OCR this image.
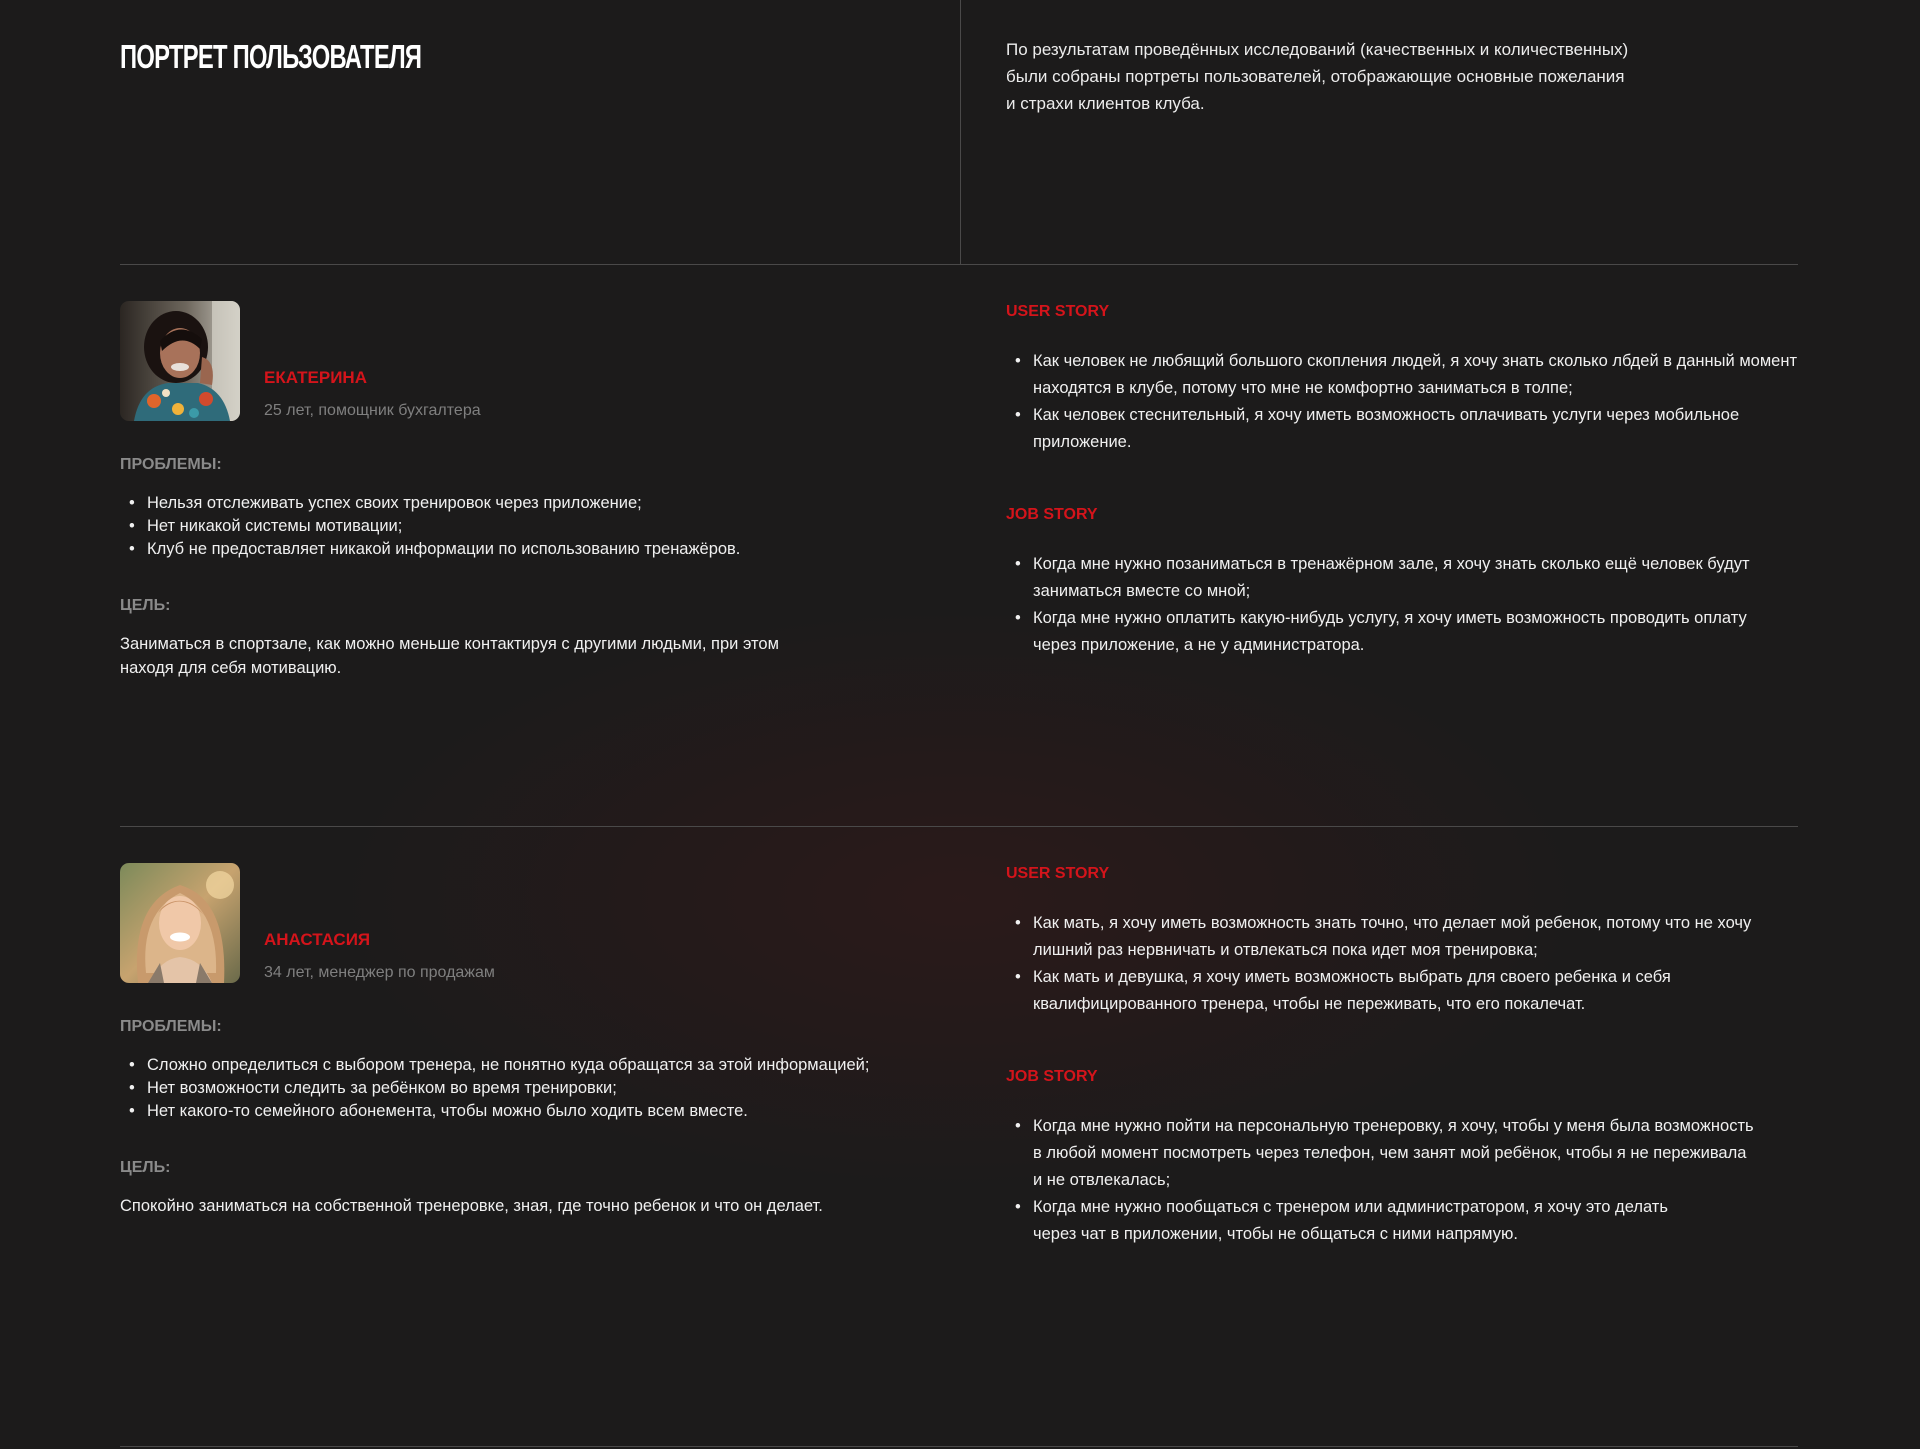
ПОРТРЕТ ПОЛЬЗОВАТЕЛЯ	По результатам проведённых исследований (качественных и количественных)
были собраны портреты пользователей, отображающие основные пожелания
и страхи клиентов клуба.

ЕКАТЕРИНА
25 лет, помощник бухгалтера
ПРОБЛЕМЫ:
• Нельзя отслеживать успех своих тренировок через приложение;
• Нет никакой системы мотивации;
• Клуб не предоставляет никакой информации по использованию тренажёров.
ЦЕЛЬ:

Заниматься в спортзале, как можно меньше контактируя с другими людьми, при этом
находя для себя мотивацию.

USER STORY
• Как человек не любящий большого скопления людей, я хочу знать сколько лбдей в данный момент
находятся в клубе, потому что мне не комфортно заниматься в толпе;
• Как человек стеснительный, я хочу иметь возможность оплачивать услуги через мобильное
приложение.
JOB STORY
• Когда мне нужно позаниматься в тренажёрном зале, я хочу знать сколько ещё человек будут
заниматься вместе со мной;
• Когда мне нужно оплатить какую-нибудь услугу, я хочу иметь возможность проводить оплату
через приложение, а не у администратора.
АНАСТАСИЯ
34 лет, менеджер по продажам
ПРОБЛЕМЫ:
• Сложно определиться с выбором тренера, не понятно куда обращатся за этой информацией;
• Нет возможности следить за ребёнком во время тренировки;
• Нет какого-то семейного абонемента, чтобы можно было ходить всем вместе.
ЦЕЛЬ:

Спокойно заниматься на собственной тренеровке, зная, где точно ребенок и что он делает.

USER STORY
• Как мать, я хочу иметь возможность знать точно, что делает мой ребенок, потому что не хочу
лишний раз нервничать и отвлекаться пока идет моя тренировка;
• Как мать и девушка, я хочу иметь возможность выбрать для своего ребенка и себя
квалифицированного тренера, чтобы не переживать, что его покалечат.
JOB STORY
• Когда мне нужно пойти на персональную тренеровку, я хочу, чтобы у меня была возможность
в любой момент посмотреть через телефон, чем занят мой ребёнок, чтобы я не переживала
и не отвлекалась;
• Когда мне нужно пообщаться с тренером или администратором, я хочу это делать
через чат в приложении, чтобы не общаться с ними напрямую.
